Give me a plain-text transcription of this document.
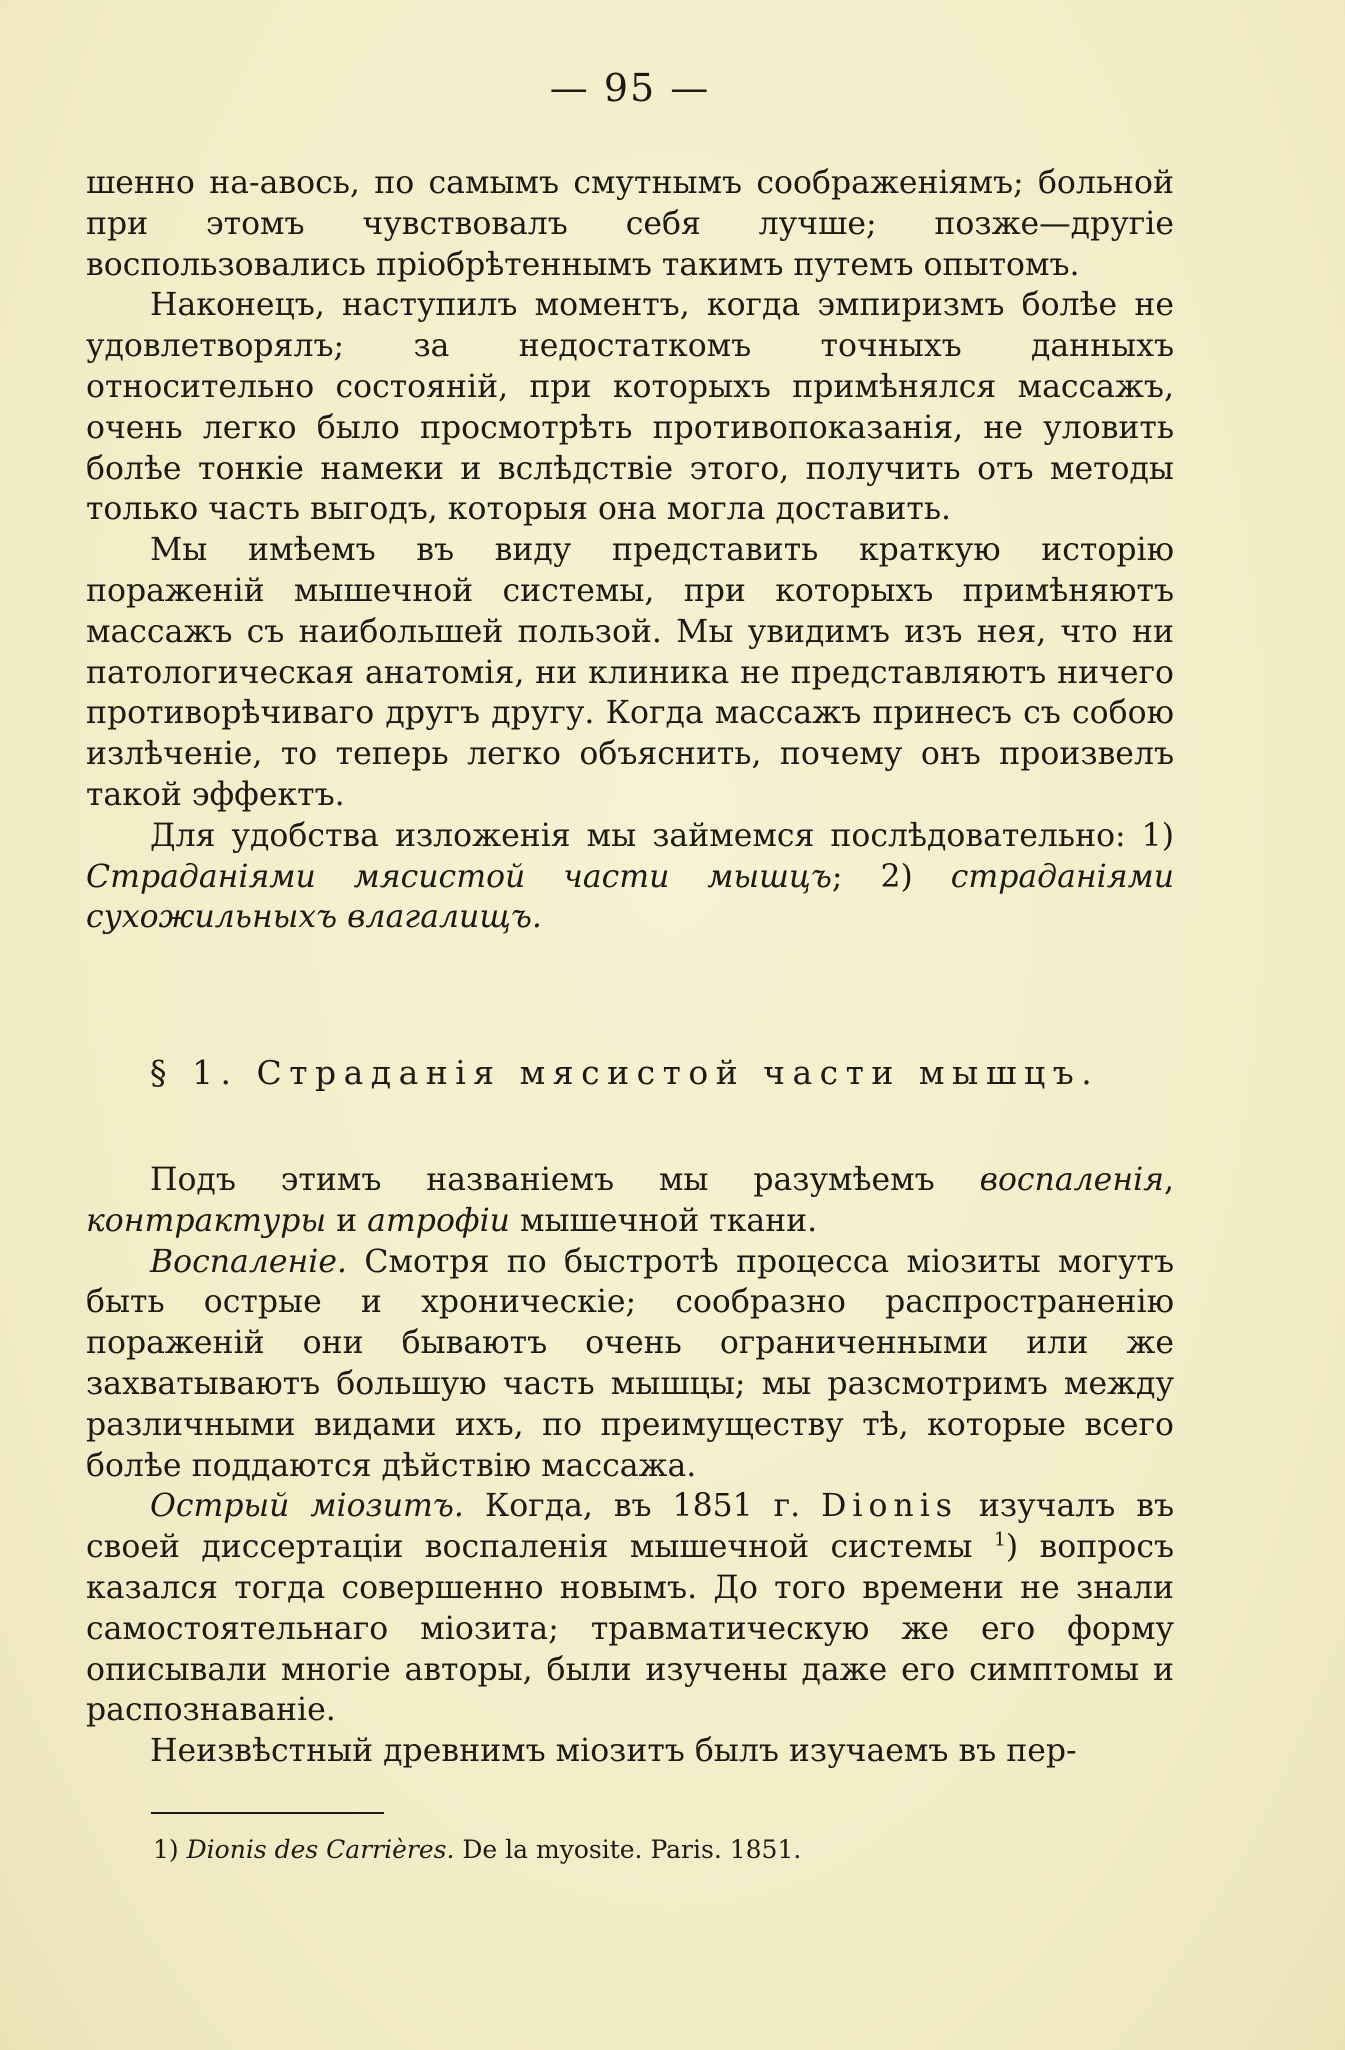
— 95 —

шенно на-авось, по самымъ смутнымъ соображенiямъ; больной при этомъ чувствовалъ себя лучше; позже—другiе воспользовались прiобрѣтеннымъ такимъ путемъ опытомъ.

Наконецъ, наступилъ моментъ, когда эмпиризмъ болѣе не удовлетворялъ; за недостаткомъ точныхъ данныхъ относительно состоянiй, при которыхъ примѣнялся массажъ, очень легко было просмотрѣть противопоказанiя, не уловить болѣе тонкiе намеки и вслѣдствiе этого, получить отъ методы только часть выгодъ, которыя она могла доставить.

Мы имѣемъ въ виду представить краткую исторiю пораженiй мышечной системы, при которыхъ примѣняютъ массажъ съ наибольшей пользой. Мы увидимъ изъ нея, что ни патологическая анатомiя, ни клиника не представляютъ ничего противорѣчиваго другъ другу. Когда массажъ принесъ съ собою излѣченiе, то теперь легко объяснить, почему онъ произвелъ такой эффектъ.

Для удобства изложенiя мы займемся послѣдовательно: 1) Страданiями мясистой части мышцъ; 2) страданiями сухожильныхъ влагалищъ.

§ 1. Страданiя мясистой части мышцъ.

Подъ этимъ названiемъ мы разумѣемъ воспаленiя, контрактуры и атрофiи мышечной ткани.

Воспаленiе. Смотря по быстротѣ процесса мiозиты могутъ быть острые и хроническiе; сообразно распространенiю пораженiй они бываютъ очень ограниченными или же захватываютъ большую часть мышцы; мы разсмотримъ между различными видами ихъ, по преимуществу тѣ, которые всего болѣе поддаются дѣйствiю массажа.

Острый мiозитъ. Когда, въ 1851 г. Dionis изучалъ въ своей диссертацiи воспаленiя мышечной системы $^1$) вопросъ казался тогда совершенно новымъ. До того времени не знали самостоятельнаго мiозита; травматическую же его форму описывали многiе авторы, были изучены даже его симптомы и распознаванiе.

Неизвѣстный древнимъ мiозитъ былъ изучаемъ въ пер-

1) Dionis des Carrières. De la myosite. Paris. 1851.
